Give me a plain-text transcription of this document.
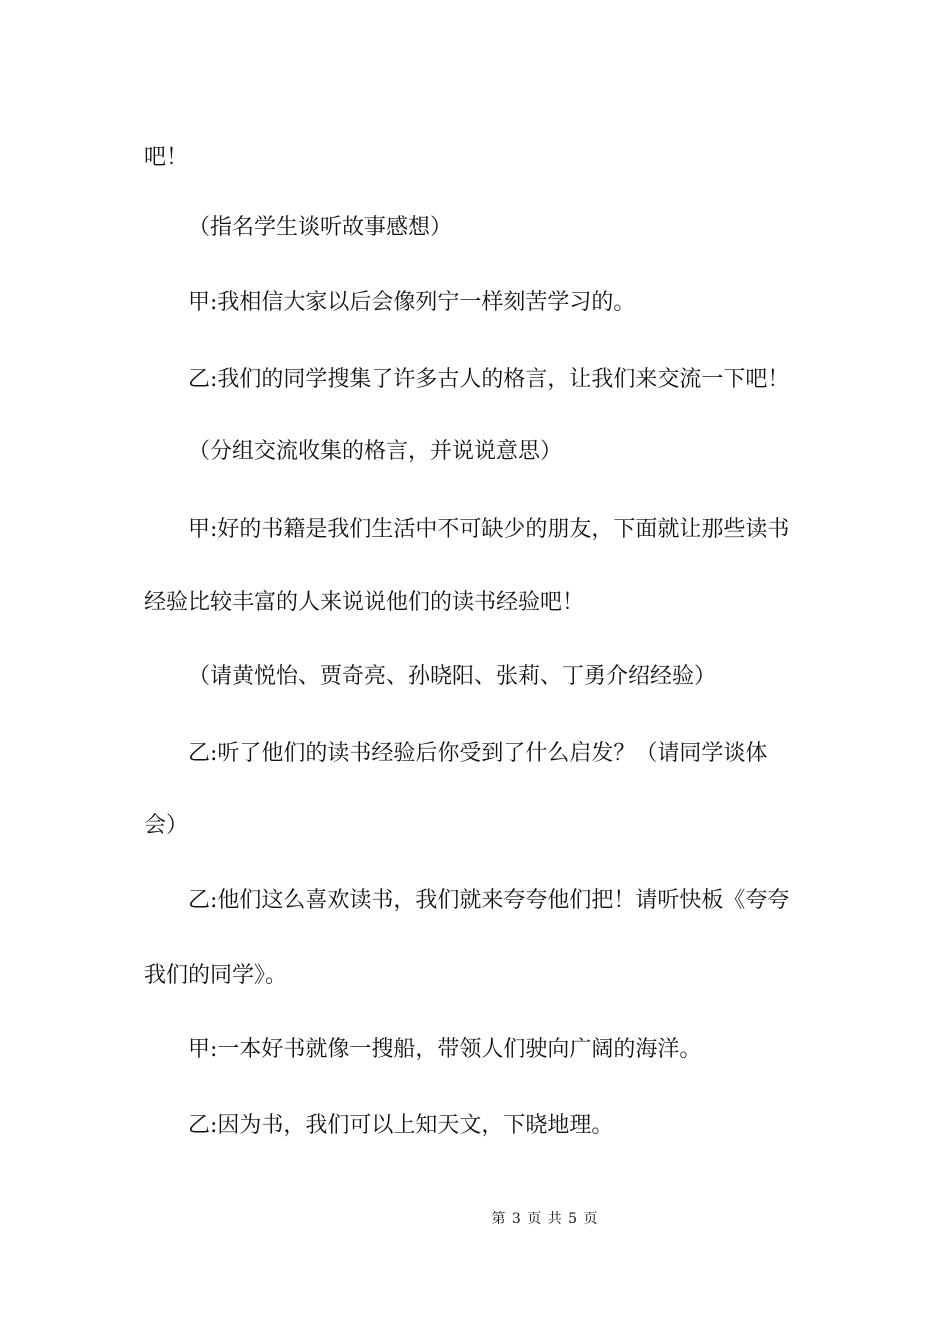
吧！
（指名学生谈听故事感想）
甲:我相信大家以后会像列宁一样刻苦学习的。
乙:我们的同学搜集了许多古人的格言，让我们来交流一下吧！
（分组交流收集的格言，并说说意思）
甲:好的书籍是我们生活中不可缺少的朋友，下面就让那些读书
经验比较丰富的人来说说他们的读书经验吧！
（请黄悦怡、贾奇亮、孙晓阳、张莉、丁勇介绍经验）
乙:听了他们的读书经验后你受到了什么启发？（请同学谈体
会）
乙:他们这么喜欢读书，我们就来夸夸他们把！请听快板《夸夸
我们的同学》。
甲:一本好书就像一搜船，带领人们驶向广阔的海洋。
乙:因为书，我们可以上知天文，下晓地理。
第 3 页 共 5 页
